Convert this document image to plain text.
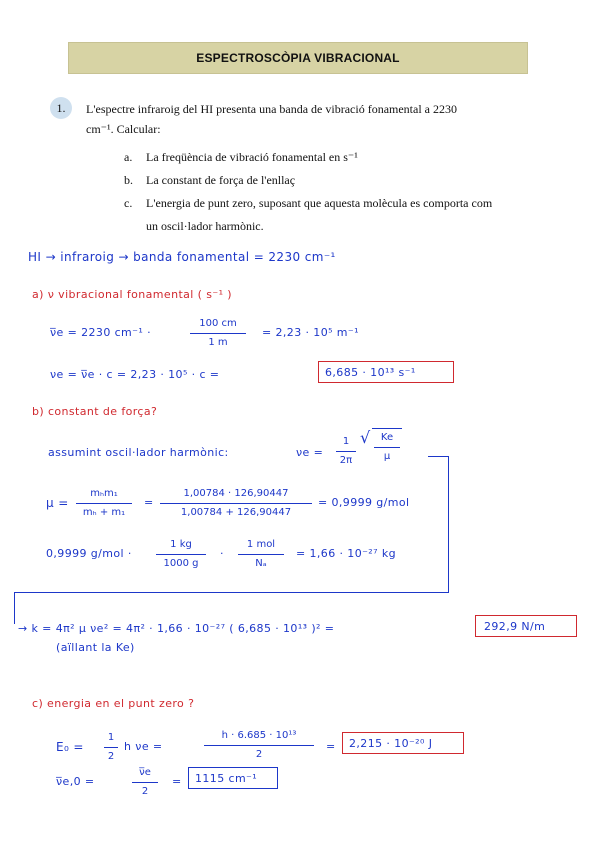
ESPECTROSCÒPIA VIBRACIONAL
1.	L'espectre infraroig del HI presenta una banda de vibració fonamental a 2230
cm⁻¹. Calcular:
a. La freqüència de vibració fonamental en s⁻¹
b. La constant de força de l'enllaç
c. L'energia de punt zero, suposant que aquesta molècula es comporta com
un oscil·lador harmònic.
HI → infraroig → banda fonamental = 2230 cm⁻¹
a) ν vibracional fonamental ( s⁻¹ )
ν̅e = 2230 cm⁻¹ ·
100 cm
1 m
= 2,23 · 10⁵ m⁻¹
νe = ν̅e · c = 2,23 · 10⁵ · c =	6,685 · 10¹³ s⁻¹
b) constant de força?
assumint oscil·lador harmònic:	νe =
1
2π
√	Ke
μ
μ =
mₕm₁
mₕ + m₁
=
1,00784 · 126,90447
1,00784 + 126,90447
= 0,9999 g/mol
0,9999 g/mol ·
1 kg
1000 g
·
1 mol
Nₐ
= 1,66 · 10⁻²⁷ kg
→ k = 4π² μ νe² = 4π² · 1,66 · 10⁻²⁷ ( 6,685 · 10¹³ )² =	292,9 N/m
(aïllant la Ke)
c) energia en el punt zero ?
E₀ =
1
2
h νe =
h · 6.685 · 10¹³
2
= 2,215 · 10⁻²⁰ J
ν̅e,0 =
ν̅e
2
= 1115 cm⁻¹
